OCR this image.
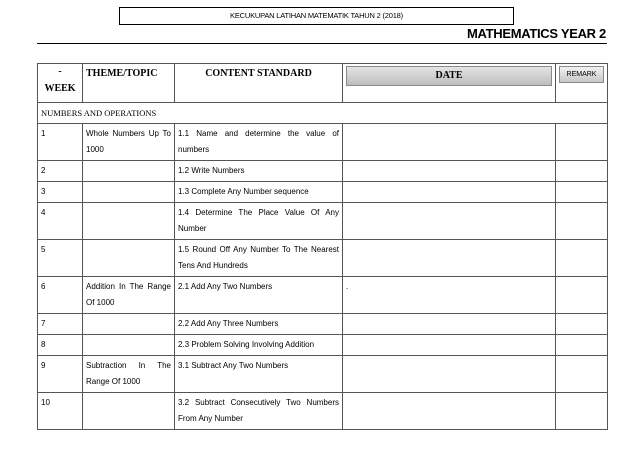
KECUKUPAN LATIHAN MATEMATIK TAHUN 2 (2018)
MATHEMATICS YEAR 2
-
WEEK	THEME/TOPIC	CONTENT STANDARD	DATE	REMARK

NUMBERS AND OPERATIONS				
1	Whole Numbers Up To 1000	1.1 Name and determine the value of numbers		
2		1.2 Write Numbers		
3		1.3 Complete Any Number sequence		
4		1.4 Determine The Place Value Of Any Number		
5		1.5 Round Off Any Number To The Nearest Tens And Hundreds		
6	Addition In The Range Of 1000	2.1 Add Any Two Numbers	.	
7		2.2 Add Any Three Numbers		
8		2.3 Problem Solving Involving Addition		
9	Subtraction In The Range Of 1000	3.1 Subtract Any Two Numbers		
10		3.2 Subtract Consecutively Two Numbers From Any Number		
